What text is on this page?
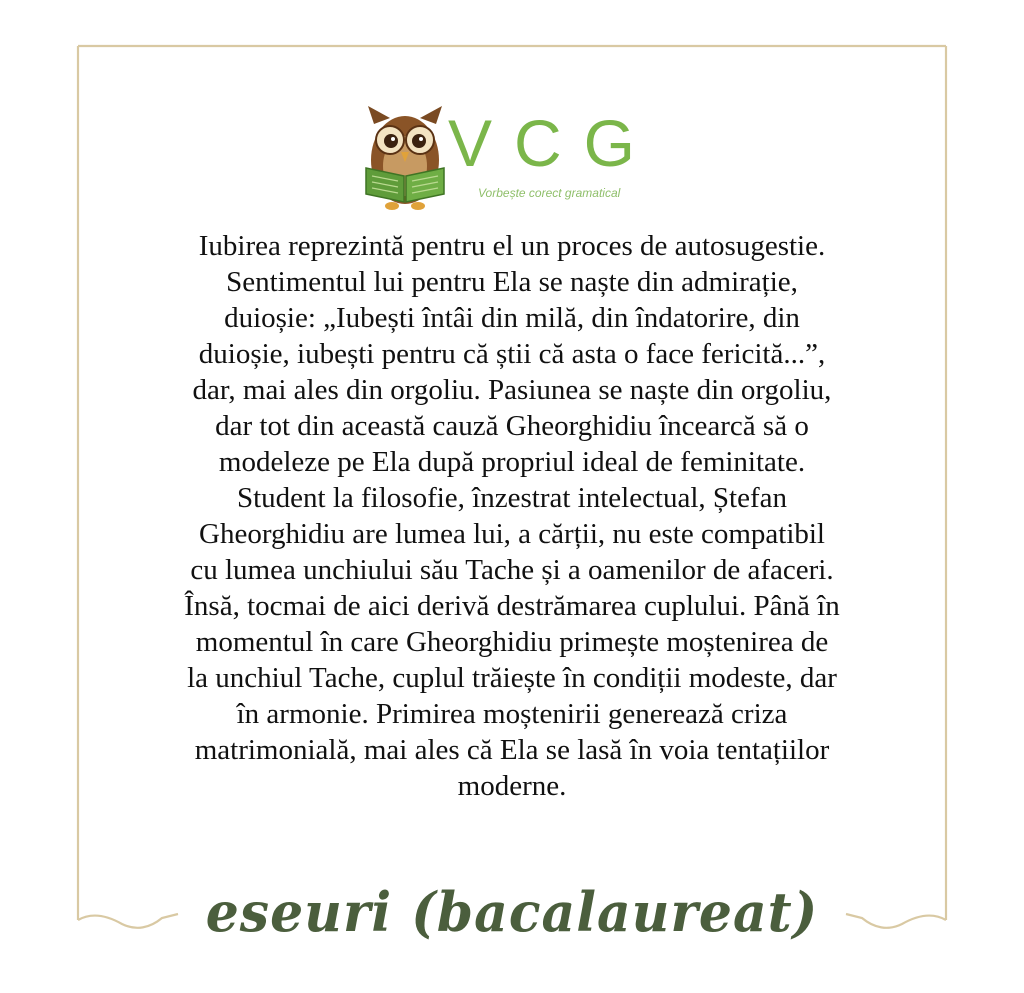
VCG
Vorbește corect gramatical
Iubirea reprezintă pentru el un proces de autosugestie.
Sentimentul lui pentru Ela se naște din admirație,
duioșie: „Iubești întâi din milă, din îndatorire, din
duioșie, iubești pentru că știi că asta o face fericită...”,
dar, mai ales din orgoliu. Pasiunea se naște din orgoliu,
dar tot din această cauză Gheorghidiu încearcă să o
modeleze pe Ela după propriul ideal de feminitate.
Student la filosofie, înzestrat intelectual, Ștefan
Gheorghidiu are lumea lui, a cărții, nu este compatibil
cu lumea unchiului său Tache și a oamenilor de afaceri.
Însă, tocmai de aici derivă destrămarea cuplului. Până în
momentul în care Gheorghidiu primește moștenirea de
la unchiul Tache, cuplul trăiește în condiții modeste, dar
în armonie. Primirea moștenirii generează criza
matrimonială, mai ales că Ela se lasă în voia tentațiilor
moderne.
eseuri (bacalaureat)
